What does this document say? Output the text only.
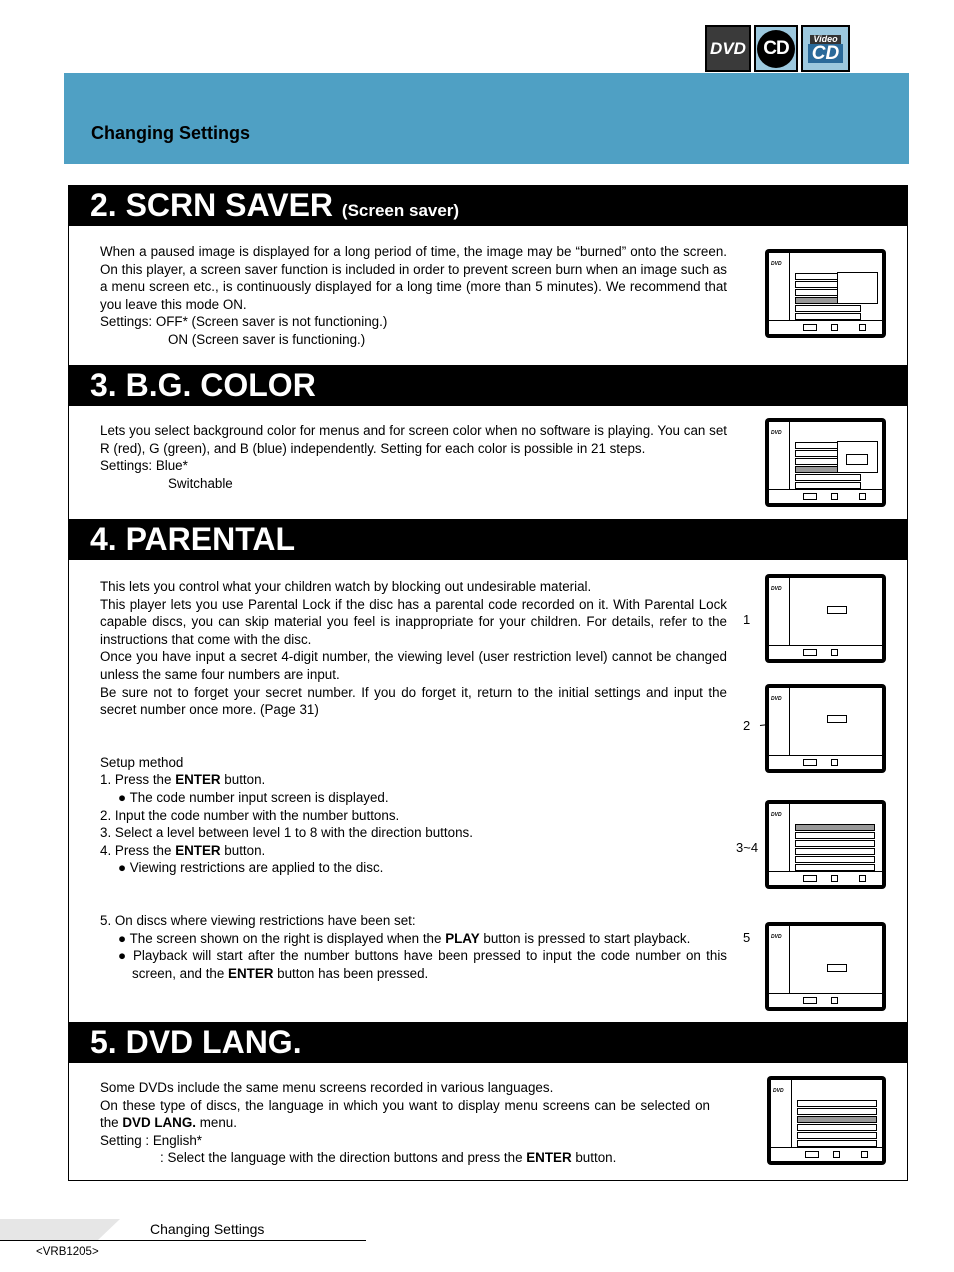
DVD CD	Video
CD
Changing Settings
2. SCRN SAVER (Screen saver)

When a paused image is displayed for a long period of time, the image may be “burned” onto the screen. On this player, a screen saver function is included in order to prevent screen burn when an image such as a menu screen etc., is continuously displayed for a long time (more than 5 minutes). We recommend that you leave this mode ON.

Settings: OFF* (Screen saver is not functioning.)

ON (Screen saver is functioning.)

DVD
3. B.G. COLOR

Lets you select background color for menus and for screen color when no software is playing. You can set R (red), G (green), and B (blue) independently. Setting for each color is possible in 21 steps.

Settings: Blue*

Switchable

DVD
4. PARENTAL

This lets you control what your children watch by blocking out undesirable material.

This player lets you use Parental Lock if the disc has a parental code recorded on it. With Parental Lock capable discs, you can skip material you feel is inappropriate for your children. For details, refer to the instructions that come with the disc.

Once you have input a secret 4-digit number, the viewing level (user restriction level) cannot be changed unless the same four numbers are input.

Be sure not to forget your secret number. If you do forget it, return to the initial settings and input the secret number once more. (Page 31)

Setup method

1. Press the ENTER button.

● The code number input screen is displayed.

2. Input the code number with the number buttons.

3. Select a level between level 1 to 8 with the direction buttons.

4. Press the ENTER button.

● Viewing restrictions are applied to the disc.

5. On discs where viewing restrictions have been set:

● The screen shown on the right is displayed when the PLAY button is pressed to start playback.

● Playback will start after the number buttons have been pressed to input the code number on this screen, and the ENTER button has been pressed.

1
DVD
2
DVD
3~4
DVD
5	DVD
5. DVD LANG.

Some DVDs include the same menu screens recorded in various languages.

On these type of discs, the language in which you want to display menu screens can be selected on the DVD LANG. menu.

Setting : English*

: Select the language with the direction buttons and press the ENTER button.

DVD
Changing Settings
<VRB1205>
